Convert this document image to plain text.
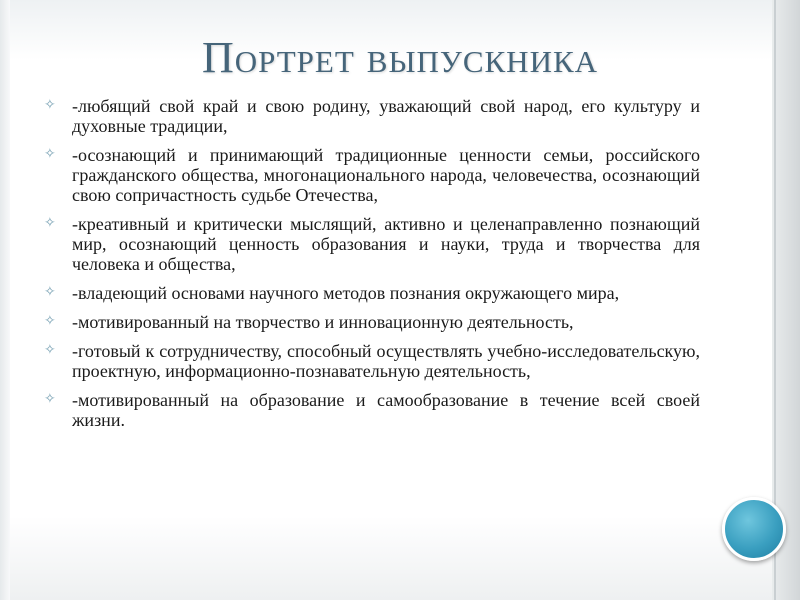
Портрет выпускника
✧ -любящий свой край и свою родину, уважающий свой народ, его культуру и духовные традиции,
✧ -осознающий и принимающий традиционные ценности семьи, российского гражданского общества, многонационального народа, человечества, осознающий свою сопричастность судьбе Отечества,
✧ -креативный и критически мыслящий, активно и целенаправленно познающий мир, осознающий ценность образования и науки, труда и творчества для человека и общества,
✧ -владеющий основами научного методов познания окружающего мира,
✧ -мотивированный на творчество и инновационную деятельность,
✧ -готовый к сотрудничеству, способный осуществлять учебно-исследовательскую, проектную, информационно-познавательную деятельность,
✧ -мотивированный на образование и самообразование в течение всей своей жизни.
